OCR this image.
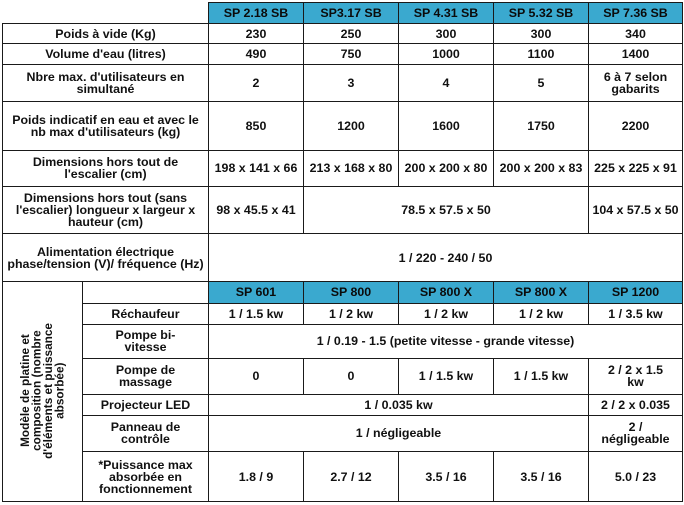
		SP 2.18 SB	SP3.17 SB	SP 4.31 SB	SP 5.32 SB	SP 7.36 SB
Poids à vide (Kg)		230	250	300	300	340
Volume d'eau (litres)		490	750	1000	1100	1400
Nbre max. d'utilisateurs en simultané		2	3	4	5	6 à 7 selon gabarits
Poids indicatif en eau et avec le nb max d'utilisateurs (kg)		850	1200	1600	1750	2200
Dimensions hors tout de l'escalier (cm)		198 x 141 x 66	213 x 168 x 80	200 x 200 x 80	200 x 200 x 83	225 x 225 x 91
Dimensions hors tout (sans l'escalier) longueur x largeur x hauteur (cm)		98 x 45.5 x 41	78.5 x 57.5 x 50			104 x 57.5 x 50
Alimentation électrique phase/tension (V)/ fréquence (Hz)		1 / 220 - 240 / 50				
Modèle de platine et
composition (nombre
d'éléments et puissance
absorbée)		SP 601	SP 800	SP 800 X	SP 800 X	SP 1200
	Réchaufeur	1 / 1.5 kw	1 / 2 kw	1 / 2 kw	1 / 2 kw	1 / 3.5 kw
	Pompe bi-
vitesse	1 / 0.19 - 1.5 (petite vitesse - grande vitesse)				
	Pompe de
massage	0	0	1 / 1.5 kw	1 / 1.5 kw	2 / 2 x 1.5
kw
	Projecteur LED	1 / 0.035 kw				2 / 2 x 0.035
	Panneau de
contrôle	1 / négligeable				2 /
négligeable
	*Puissance max
absorbée en
fonctionnement	1.8 / 9	2.7 / 12	3.5 / 16	3.5 / 16	5.0 / 23
